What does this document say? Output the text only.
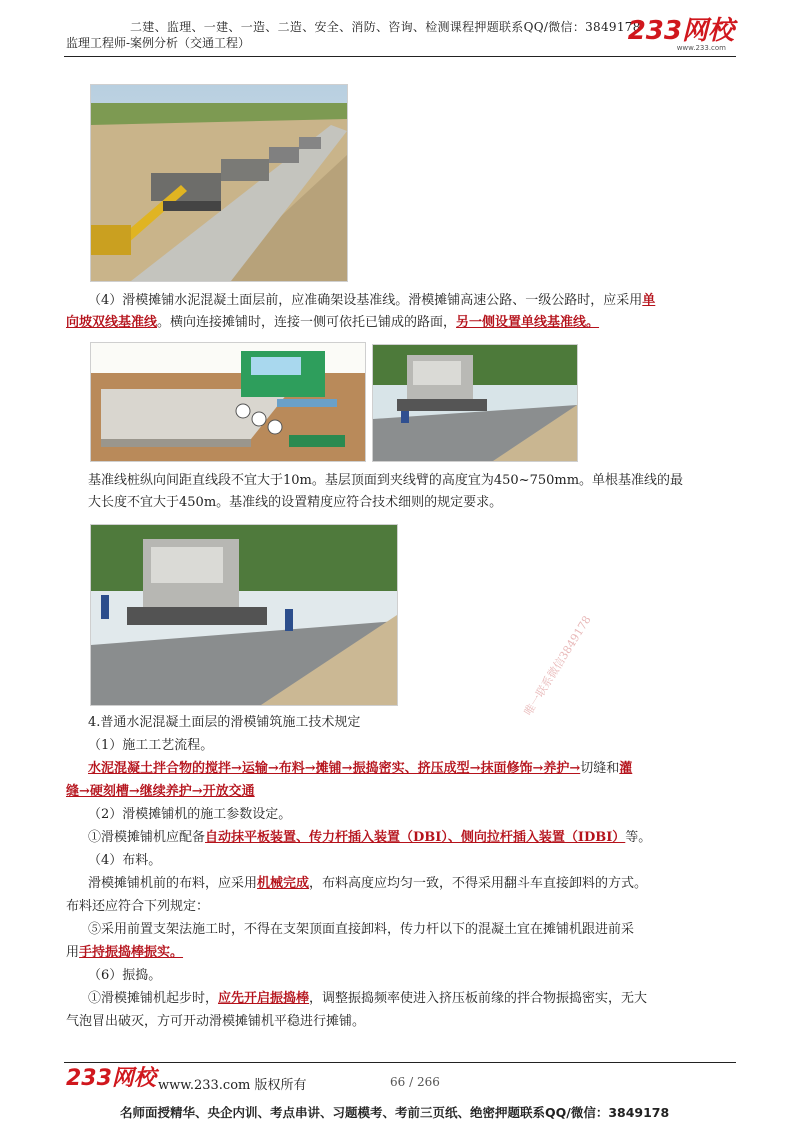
二建、监理、一建、一造、二造、安全、消防、咨询、检测课程押题联系QQ/微信：3849178
监理工程师-案例分析（交通工程）	233网校
www.233.com
（4）滑模摊铺水泥混凝土面层前，应准确架设基准线。滑模摊铺高速公路、一级公路时，应采用单
向坡双线基准线。横向连接摊铺时，连接一侧可依托已铺成的路面，另一侧设置单线基准线。
基准线桩纵向间距直线段不宜大于10m。基层顶面到夹线臂的高度宜为450~750mm。单根基准线的最
大长度不宜大于450m。基准线的设置精度应符合技术细则的规定要求。
4.普通水泥混凝土面层的滑模铺筑施工技术规定
（1）施工工艺流程。
水泥混凝土拌合物的搅拌→运输→布料→摊铺→振捣密实、挤压成型→抹面修饰→养护→切缝和灌
缝→硬刻槽→继续养护→开放交通
（2）滑模摊铺机的施工参数设定。
①滑模摊铺机应配备自动抹平板装置、传力杆插入装置（DBI）、侧向拉杆插入装置（IDBI）等。
（4）布料。
滑模摊铺机前的布料，应采用机械完成，布料高度应均匀一致，不得采用翻斗车直接卸料的方式。
布料还应符合下列规定：
⑤采用前置支架法施工时，不得在支架顶面直接卸料，传力杆以下的混凝土宜在摊铺机跟进前采
用手持振捣棒振实。
（6）振捣。
①滑模摊铺机起步时，应先开启振捣棒，调整振捣频率使进入挤压板前缘的拌合物振捣密实，无大
气泡冒出破灭，方可开动滑模摊铺机平稳进行摊铺。
唯一联系微信3849178
233网校 www.233.com 版权所有	66 / 266
名师面授精华、央企内训、考点串讲、习题模考、考前三页纸、绝密押题联系QQ/微信：3849178
